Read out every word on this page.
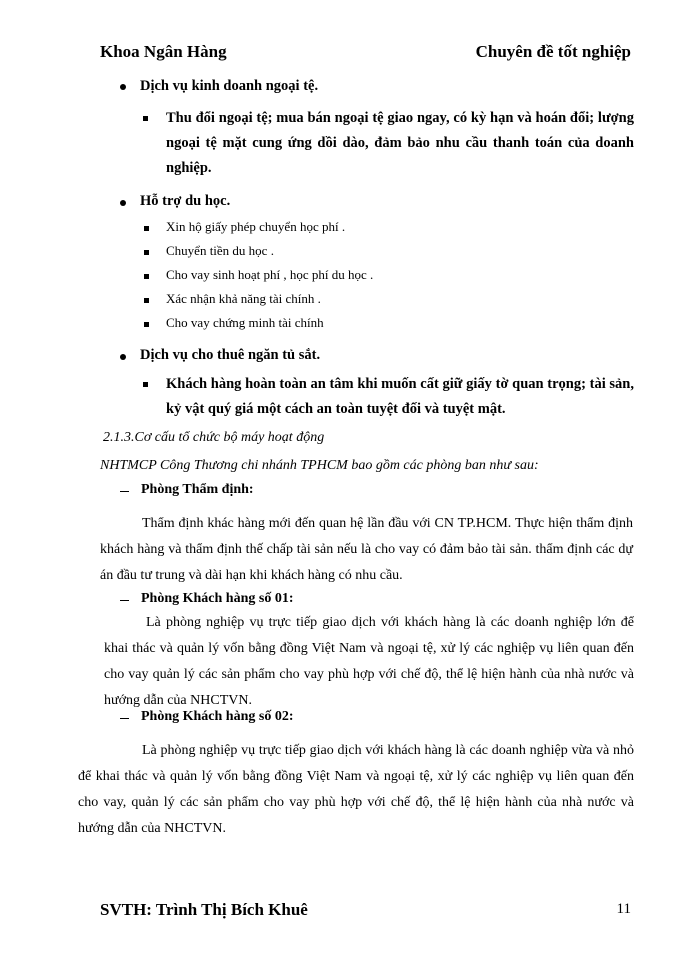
Khoa Ngân Hàng	Chuyên đề tốt nghiệp
Dịch vụ kinh doanh ngoại tệ.
Thu đổi ngoại tệ; mua bán ngoại tệ giao ngay, có kỳ hạn và hoán đổi; lượng ngoại tệ mặt cung ứng dồi dào, đảm bảo nhu cầu thanh toán của doanh nghiệp.
Hỗ trợ du học.
Xin hộ giấy phép chuyển học phí .
Chuyển tiền du học .
Cho vay sinh hoạt phí , học phí du học .
Xác nhận khả năng tài chính .
Cho vay chứng minh tài chính
Dịch vụ cho thuê ngăn tủ sắt.
Khách hàng hoàn toàn an tâm khi muốn cất giữ giấy tờ quan trọng; tài sản, kỷ vật quý giá một cách an toàn tuyệt đối và tuyệt mật.
2.1.3.Cơ cấu tổ chức bộ máy hoạt động
NHTMCP Công Thương chi nhánh TPHCM bao gồm các phòng ban như sau:
Phòng Thẩm định:
Thẩm định khác hàng mới đến quan hệ lần đầu với CN TP.HCM. Thực hiện thẩm định khách hàng và thẩm định thế chấp tài sản nếu là cho vay có đảm bảo tài sản. thẩm định các dự án đầu tư trung và dài hạn khi khách hàng có nhu cầu.
Phòng Khách hàng số 01:
Là phòng nghiệp vụ trực tiếp giao dịch với khách hàng là các doanh nghiệp lớn để khai thác và quản lý vốn bằng đồng Việt Nam và ngoại tệ, xử lý các nghiệp vụ liên quan đến cho vay quản lý các sản phẩm cho vay phù hợp với chế độ, thể lệ hiện hành của nhà nước và hướng dẫn của NHCTVN.
Phòng Khách hàng số 02:
Là phòng nghiệp vụ trực tiếp giao dịch với khách hàng là các doanh nghiệp vừa và nhỏ để khai thác và quản lý vốn bằng đồng Việt Nam và ngoại tệ, xử lý các nghiệp vụ liên quan đến cho vay, quản lý các sản phẩm cho vay phù hợp với chế độ, thể lệ hiện hành của nhà nước và hướng dẫn của NHCTVN.
SVTH: Trình Thị Bích Khuê	11
